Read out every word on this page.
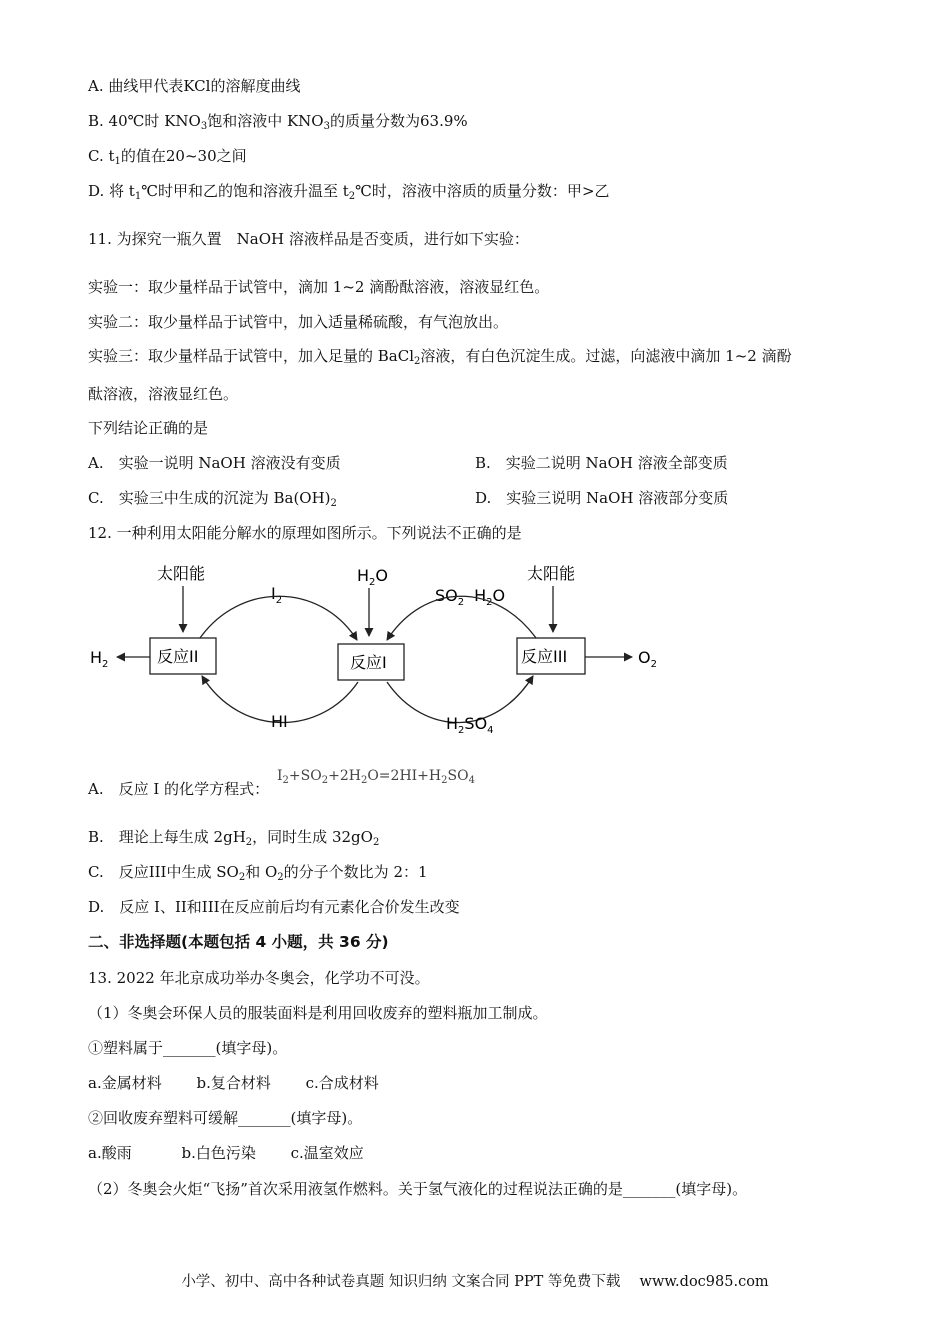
A. 曲线甲代表KCl的溶解度曲线
B. 40℃时 $KNO_3$饱和溶液中 $KNO_3$的质量分数为63.9%
C. $t_1$的值在20~30之间
D. 将 $t_1℃$时甲和乙的饱和溶液升温至 $t_2℃$时，溶液中溶质的质量分数：甲>乙
11. 为探究一瓶久置　NaOH 溶液样品是否变质，进行如下实验：
实验一：取少量样品于试管中，滴加 1~2 滴酚酞溶液，溶液显红色。
实验二：取少量样品于试管中，加入适量稀硫酸，有气泡放出。
实验三：取少量样品于试管中，加入足量的 BaCl$_2$溶液，有白色沉淀生成。过滤，向滤液中滴加 1~2 滴酚
酞溶液，溶液显红色。
下列结论正确的是
A.　实验一说明 NaOH 溶液没有变质	B.　实验二说明 NaOH 溶液全部变质
C.　实验三中生成的沉淀为 $Ba(OH)_2$	D.　实验三说明 NaOH 溶液部分变质
12. 一种利用太阳能分解水的原理如图所示。下列说法不正确的是
太阳能	太阳能
$I_2$
$H_2O$
$SO_2$ $H_2O$
反应II	反应I	反应III
$H_2$	$O_2$
HI	$H_2SO_4$
A.　反应 I 的化学方程式：
$I_2+SO_2+2H_2O=2HI+H_2SO_4$
B.　理论上每生成 $2gH_2$，同时生成 $32gO_2$
C.　反应III中生成 $SO_2$和 $O_2$的分子个数比为 2：1
D.　反应 I、II和III在反应前后均有元素化合价发生改变
二、非选择题(本题包括 4 小题，共 36 分)
13. 2022 年北京成功举办冬奥会，化学功不可没。
（1）冬奥会环保人员的服装面料是利用回收废弃的塑料瓶加工制成。
①塑料属于_______(填字母)。
a.金属材料　　 b.复合材料　　 c.合成材料
②回收废弃塑料可缓解_______(填字母)。
a.酸雨　　　 b.白色污染　　 c.温室效应
（2）冬奥会火炬“飞扬”首次采用液氢作燃料。关于氢气液化的过程说法正确的是_______(填字母)。
小学、初中、高中各种试卷真题 知识归纳 文案合同 PPT 等免费下载　 www.doc985.com
